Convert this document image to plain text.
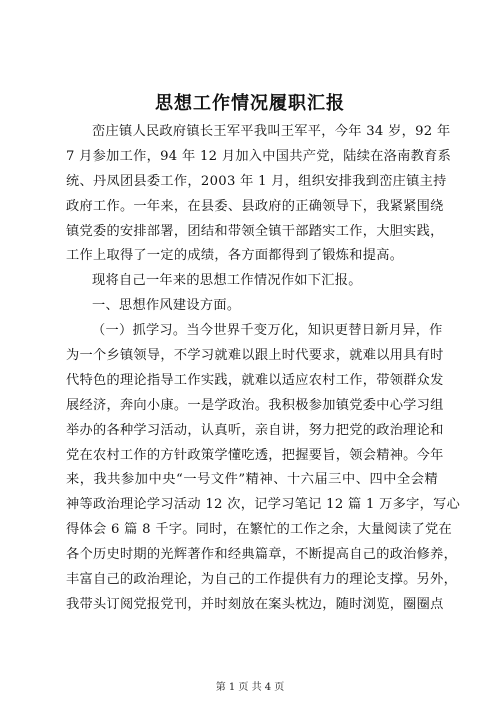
思想工作情况履职汇报
峦庄镇人民政府镇长王军平我叫王军平，今年 34 岁，92 年
7 月参加工作，94 年 12 月加入中国共产党，陆续在洛南教育系
统、丹凤团县委工作，2003 年 1 月，组织安排我到峦庄镇主持
政府工作。一年来，在县委、县政府的正确领导下，我紧紧围绕
镇党委的安排部署，团结和带领全镇干部踏实工作，大胆实践，
工作上取得了一定的成绩，各方面都得到了锻炼和提高。
现将自己一年来的思想工作情况作如下汇报。
一、思想作风建设方面。
（一）抓学习。当今世界千变万化，知识更替日新月异，作
为一个乡镇领导，不学习就难以跟上时代要求，就难以用具有时
代特色的理论指导工作实践，就难以适应农村工作，带领群众发
展经济，奔向小康。一是学政治。我积极参加镇党委中心学习组
举办的各种学习活动，认真听，亲自讲，努力把党的政治理论和
党在农村工作的方针政策学懂吃透，把握要旨，领会精神。今年
来，我共参加中央“一号文件”精神、十六届三中、四中全会精
神等政治理论学习活动 12 次，记学习笔记 12 篇 1 万多字，写心
得体会 6 篇 8 千字。同时，在繁忙的工作之余，大量阅读了党在
各个历史时期的光辉著作和经典篇章，不断提高自己的政治修养，
丰富自己的政治理论，为自己的工作提供有力的理论支撑。另外，
我带头订阅党报党刊，并时刻放在案头枕边，随时浏览，圈圈点
第 1 页 共 4 页
